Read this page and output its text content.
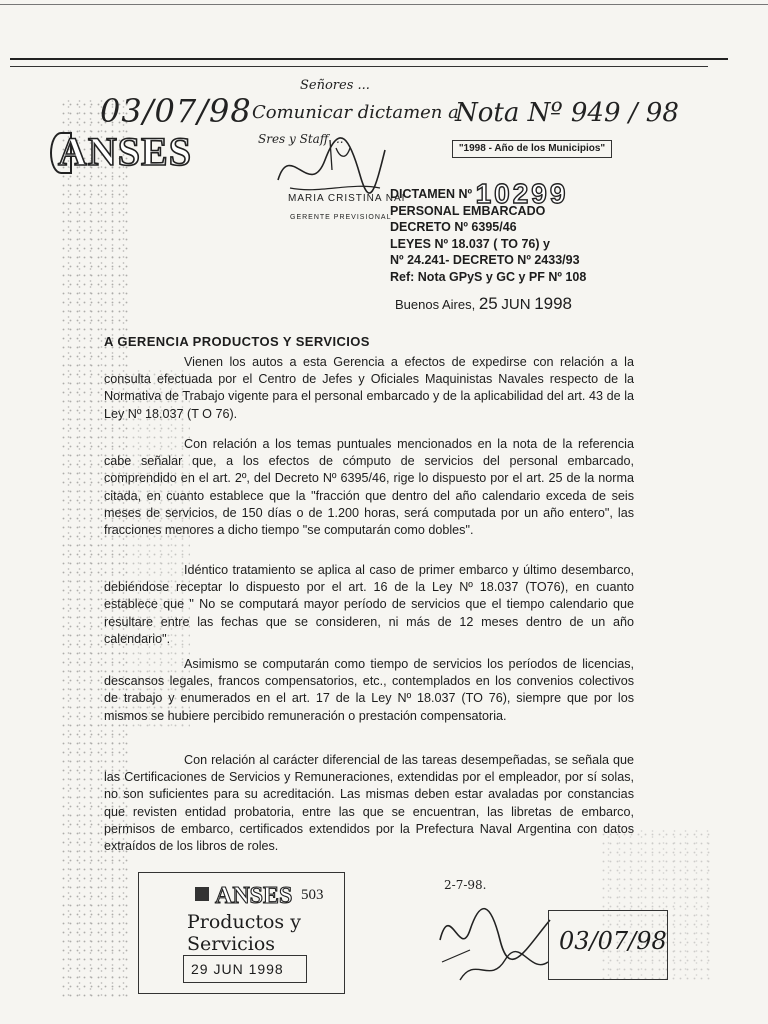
03/07/98
Señores ...
Comunicar dictamen a
Sres y Staff ...
Nota Nº 949 / 98
ANSES	"1998 - Año de los Municipios"
MARIA CRISTINA NAI
GERENTE PREVISIONAL
DICTAMEN Nº 10299
PERSONAL EMBARCADO
DECRETO Nº 6395/46
LEYES Nº 18.037 ( TO 76) y
Nº 24.241- DECRETO Nº 2433/93
Ref: Nota GPyS y GC y PF Nº 108
Buenos Aires, 25 JUN 1998
A GERENCIA PRODUCTOS Y SERVICIOS

Vienen los autos a esta Gerencia a efectos de expedirse con relación a la consulta efectuada por el Centro de Jefes y Oficiales Maquinistas Navales respecto de la Normativa de Trabajo vigente para el personal embarcado y de la aplicabilidad del art. 43 de la Ley Nº 18.037 (T O 76).

Con relación a los temas puntuales mencionados en la nota de la referencia cabe señalar que, a los efectos de cómputo de servicios del personal embarcado, comprendido en el art. 2º, del Decreto Nº 6395/46, rige lo dispuesto por el art. 25 de la norma citada, en cuanto establece que la "fracción que dentro del año calendario exceda de seis meses de servicios, de 150 días o de 1.200 horas, será computada por un año entero", las fracciones menores a dicho tiempo "se computarán como dobles".

Idéntico tratamiento se aplica al caso de primer embarco y último desembarco, debiéndose receptar lo dispuesto por el art. 16 de la Ley Nº 18.037 (TO76), en cuanto establece que " No se computará mayor período de servicios que el tiempo calendario que resultare entre las fechas que se consideren, ni más de 12 meses dentro de un año calendario".

Asimismo se computarán como tiempo de servicios los períodos de licencias, descansos legales, francos compensatorios, etc., contemplados en los convenios colectivos de trabajo y enumerados en el art. 17 de la Ley Nº 18.037 (TO 76), siempre que por los mismos se hubiere percibido remuneración o prestación compensatoria.

Con relación al carácter diferencial de las tareas desempeñadas, se señala que las Certificaciones de Servicios y Remuneraciones, extendidas por el empleador, por sí solas, no son suficientes para su acreditación. Las mismas deben estar avaladas por constancias que revisten entidad probatoria, entre las que se encuentran, las libretas de embarco, permisos de embarco, certificados extendidos por la Prefectura Naval Argentina con datos extraídos de los libros de roles.

ANSES 503
Productos y Servicios
29 JUN 1998
2-7-98.
03/07/98
